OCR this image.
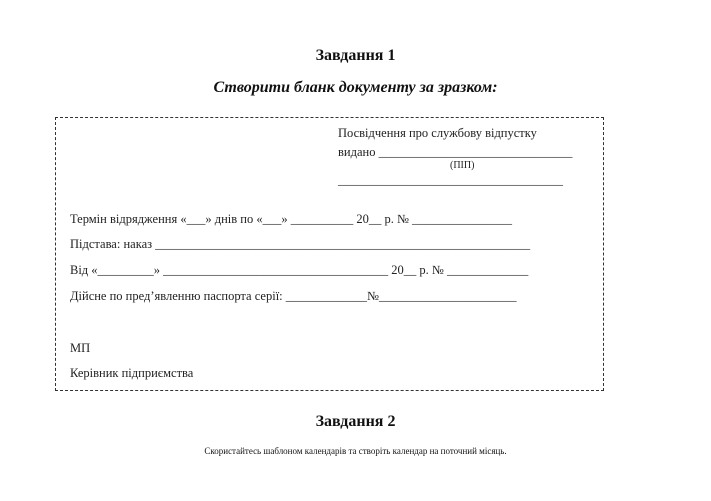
Завдання 1
Створити бланк документу за зразком:
Посвідчення про службову відпустку
видано _______________________________
(ПІП)
____________________________________
Термін відрядження «___» днів по «___» __________ 20__ р. № ________________
Підстава: наказ ____________________________________________________________
Від «_________» ____________________________________ 20__ р. № _____________
Дійсне по пред’явленню паспорта серії: _____________№______________________
МП
Керівник підприємства
Завдання 2
Скористайтесь шаблоном календарів та створіть календар на поточний місяць.
